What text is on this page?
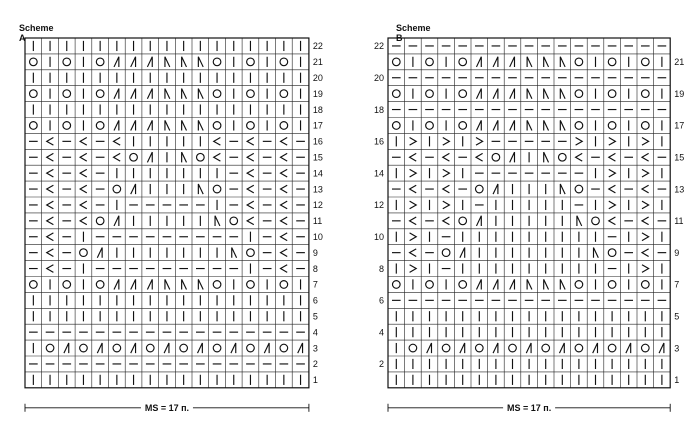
Scheme A
22
21
20
19
18
17
16
15
14
13
12
11
10
9
8
7
6
5
4
3
2
1
MS = 17 п.
Scheme B
22
21
20
19
18
17
16
15
14
13
12
11
10
9
8
7
6
5
4
3
2
1
MS = 17 п.
